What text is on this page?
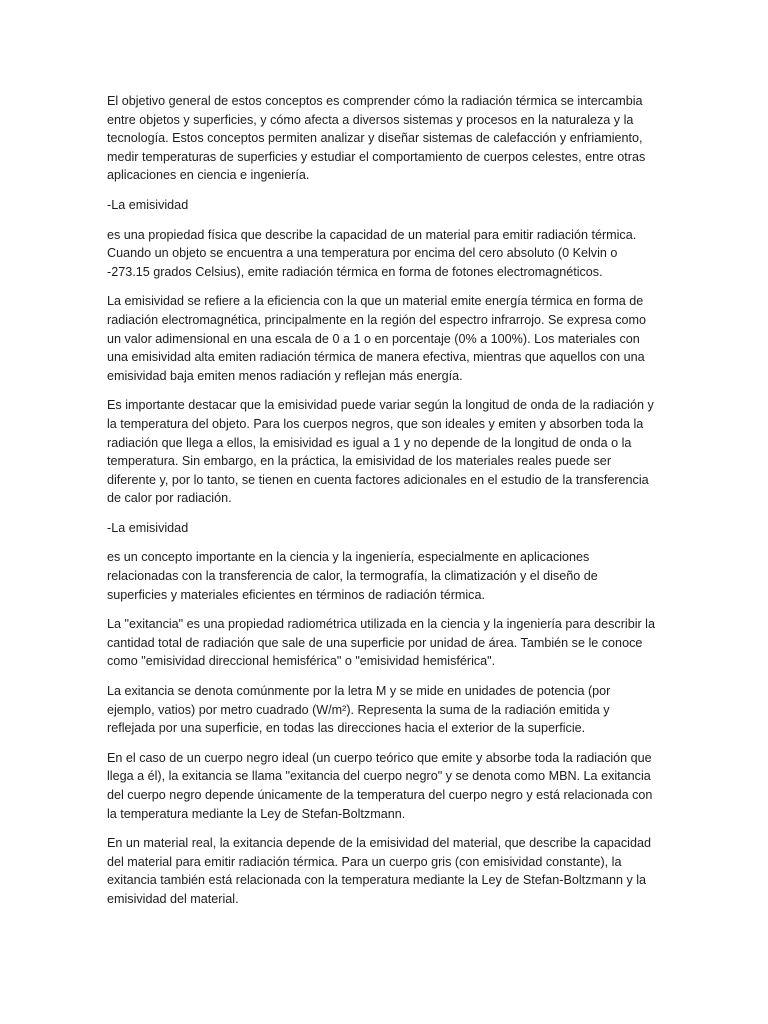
El objetivo general de estos conceptos es comprender cómo la radiación térmica se intercambia entre objetos y superficies, y cómo afecta a diversos sistemas y procesos en la naturaleza y la tecnología. Estos conceptos permiten analizar y diseñar sistemas de calefacción y enfriamiento, medir temperaturas de superficies y estudiar el comportamiento de cuerpos celestes, entre otras aplicaciones en ciencia e ingeniería.

-La emisividad

es una propiedad física que describe la capacidad de un material para emitir radiación térmica. Cuando un objeto se encuentra a una temperatura por encima del cero absoluto (0 Kelvin o -273.15 grados Celsius), emite radiación térmica en forma de fotones electromagnéticos.

La emisividad se refiere a la eficiencia con la que un material emite energía térmica en forma de radiación electromagnética, principalmente en la región del espectro infrarrojo. Se expresa como un valor adimensional en una escala de 0 a 1 o en porcentaje (0% a 100%). Los materiales con una emisividad alta emiten radiación térmica de manera efectiva, mientras que aquellos con una emisividad baja emiten menos radiación y reflejan más energía.

Es importante destacar que la emisividad puede variar según la longitud de onda de la radiación y la temperatura del objeto. Para los cuerpos negros, que son ideales y emiten y absorben toda la radiación que llega a ellos, la emisividad es igual a 1 y no depende de la longitud de onda o la temperatura. Sin embargo, en la práctica, la emisividad de los materiales reales puede ser diferente y, por lo tanto, se tienen en cuenta factores adicionales en el estudio de la transferencia de calor por radiación.

-La emisividad

es un concepto importante en la ciencia y la ingeniería, especialmente en aplicaciones relacionadas con la transferencia de calor, la termografía, la climatización y el diseño de superficies y materiales eficientes en términos de radiación térmica.

La "exitancia" es una propiedad radiométrica utilizada en la ciencia y la ingeniería para describir la cantidad total de radiación que sale de una superficie por unidad de área. También se le conoce como "emisividad direccional hemisférica" o "emisividad hemisférica".

La exitancia se denota comúnmente por la letra M y se mide en unidades de potencia (por ejemplo, vatios) por metro cuadrado (W/m²). Representa la suma de la radiación emitida y reflejada por una superficie, en todas las direcciones hacia el exterior de la superficie.

En el caso de un cuerpo negro ideal (un cuerpo teórico que emite y absorbe toda la radiación que llega a él), la exitancia se llama "exitancia del cuerpo negro" y se denota como MBN. La exitancia del cuerpo negro depende únicamente de la temperatura del cuerpo negro y está relacionada con la temperatura mediante la Ley de Stefan-Boltzmann.

En un material real, la exitancia depende de la emisividad del material, que describe la capacidad del material para emitir radiación térmica. Para un cuerpo gris (con emisividad constante), la exitancia también está relacionada con la temperatura mediante la Ley de Stefan-Boltzmann y la emisividad del material.
